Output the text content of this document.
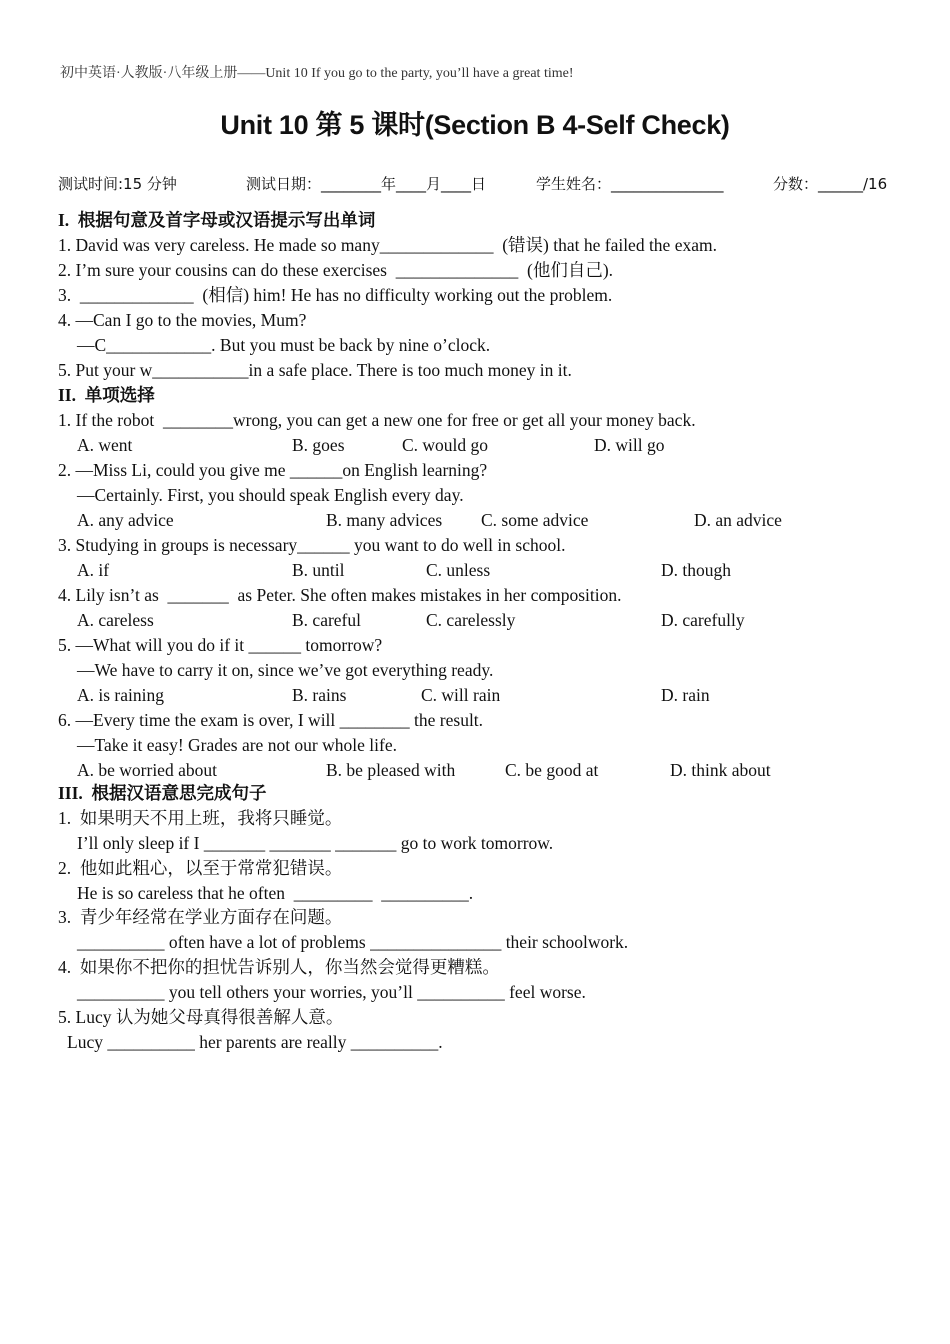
初中英语·人教版·八年级上册——Unit 10 If you go to the party, you’ll have a great time!
Unit 10 第 5 课时(Section B 4-Self Check)
测试时间:15 分钟	测试日期：________年____月____日	学生姓名：_______________	分数：______/16
I.  根据句意及首字母或汉语提示写出单词
1. David was very careless. He made so many_____________  (错误) that he failed the exam.
2. I’m sure your cousins can do these exercises  ______________  (他们自己).
3.  _____________  (相信) him! He has no difficulty working out the problem.
4. —Can I go to the movies, Mum?
—C____________. But you must be back by nine o’clock.
5. Put your w___________in a safe place. There is too much money in it.
II.  单项选择
1. If the robot  ________wrong, you can get a new one for free or get all your money back.
A. went	B. goes	C. would go	D. will go
2. —Miss Li, could you give me ______on English learning?
—Certainly. First, you should speak English every day.
A. any advice	B. many advices C. some advice	D. an advice
3. Studying in groups is necessary______ you want to do well in school.
A. if	B. until	C. unless	D. though
4. Lily isn’t as  _______  as Peter. She often makes mistakes in her composition.
A. careless	B. careful	C. carelessly	D. carefully
5. —What will you do if it ______ tomorrow?
—We have to carry it on, since we’ve got everything ready.
A. is raining	B. rains	C. will rain	D. rain
6. —Every time the exam is over, I will ________ the result.
—Take it easy! Grades are not our whole life.
A. be worried about	B. be pleased with	C. be good at	D. think about
III.  根据汉语意思完成句子
1.  如果明天不用上班，我将只睡觉。
I’ll only sleep if I _______ _______ _______ go to work tomorrow.
2.  他如此粗心，以至于常常犯错误。
He is so careless that he often  _________  __________.
3.  青少年经常在学业方面存在问题。
__________ often have a lot of problems _______________ their schoolwork.
4.  如果你不把你的担忧告诉别人，你当然会觉得更糟糕。
__________ you tell others your worries, you’ll __________ feel worse.
5. Lucy 认为她父母真得很善解人意。
Lucy __________ her parents are really __________.
